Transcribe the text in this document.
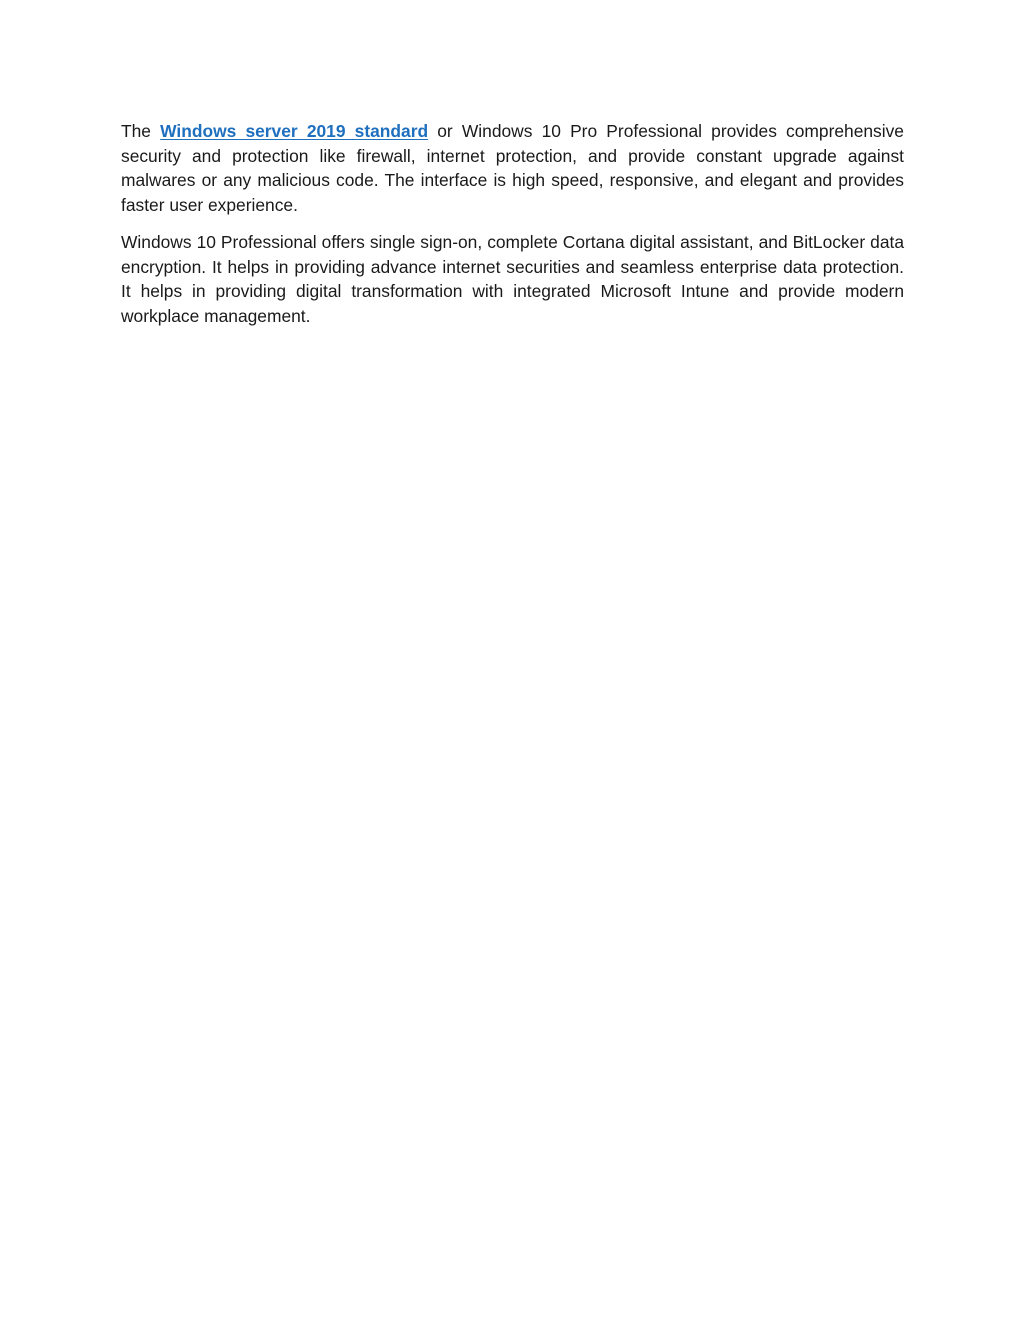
The Windows server 2019 standard or Windows 10 Pro Professional provides comprehensive security and protection like firewall, internet protection, and provide constant upgrade against malwares or any malicious code. The interface is high speed, responsive, and elegant and provides faster user experience.

Windows 10 Professional offers single sign-on, complete Cortana digital assistant, and BitLocker data encryption. It helps in providing advance internet securities and seamless enterprise data protection. It helps in providing digital transformation with integrated Microsoft Intune and provide modern workplace management.
